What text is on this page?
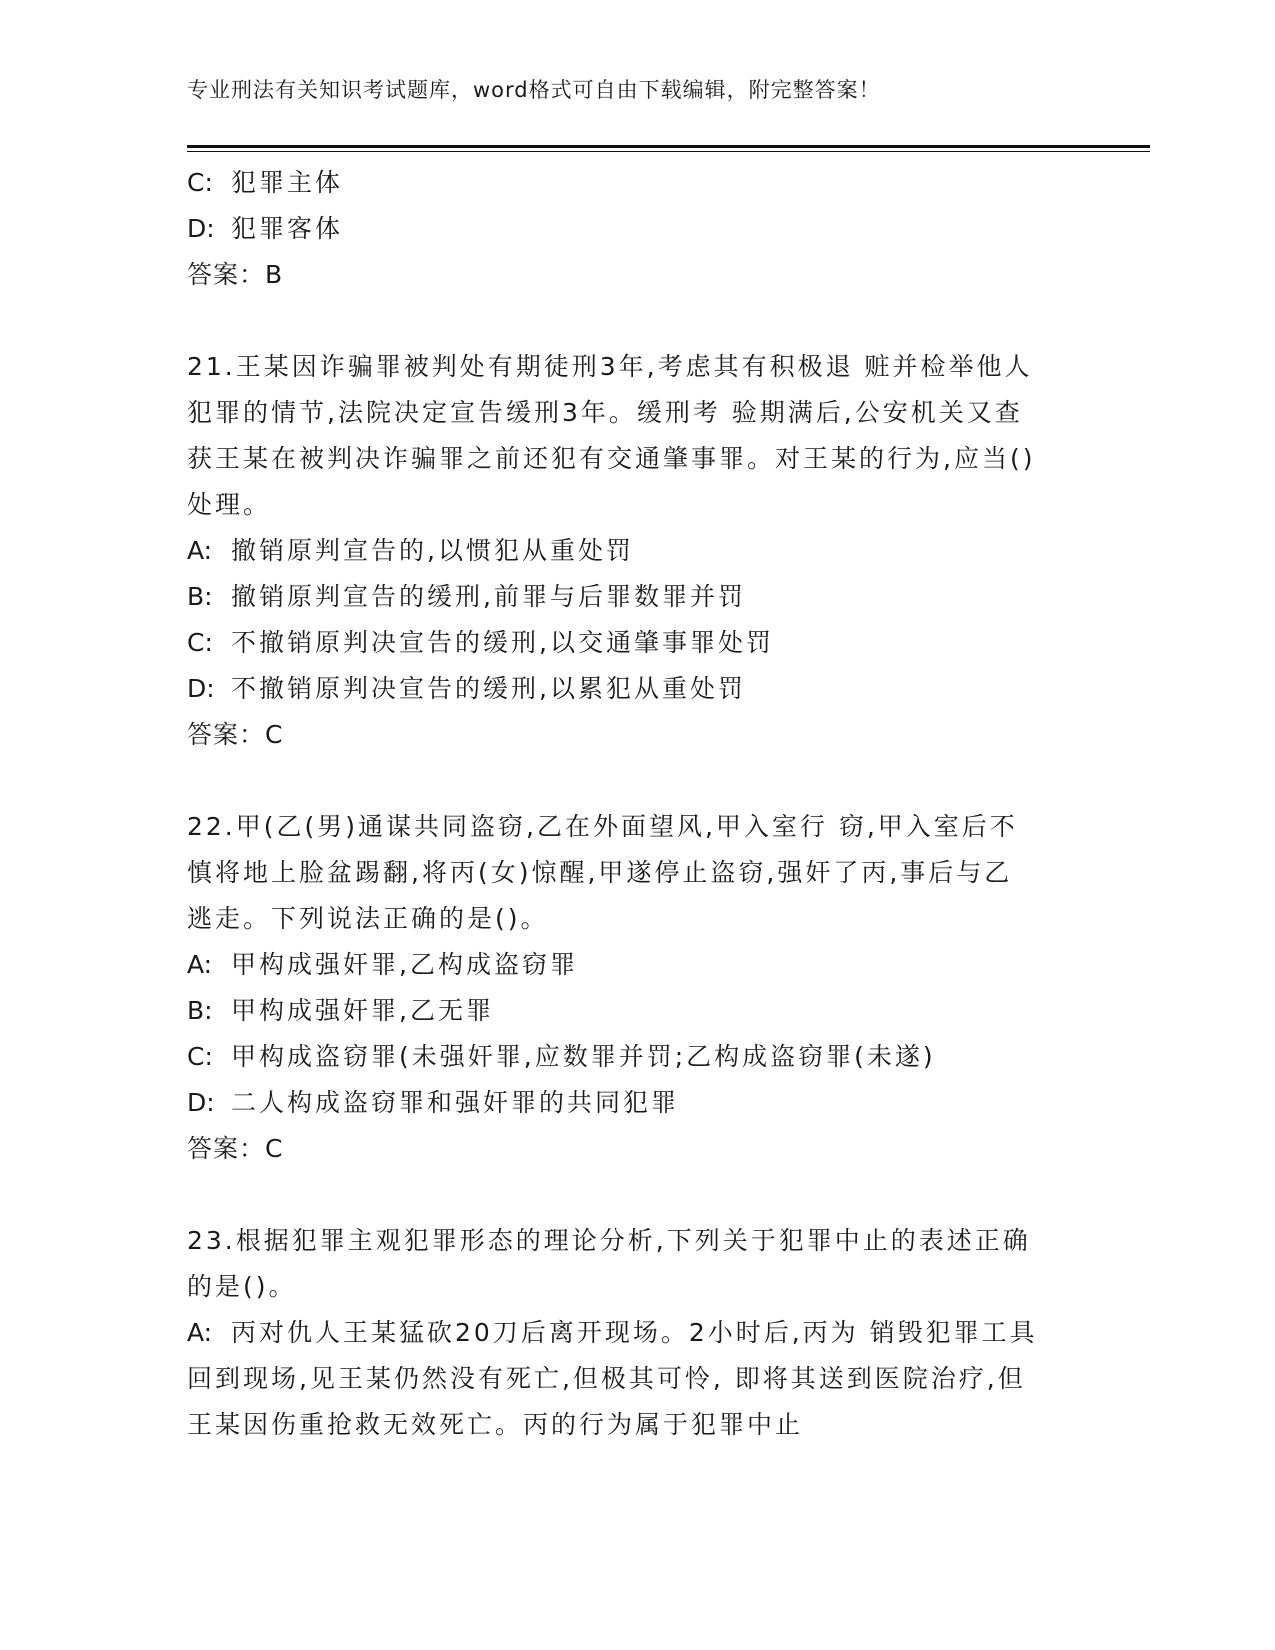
专业刑法有关知识考试题库，word格式可自由下载编辑，附完整答案！
C: 犯罪主体
D: 犯罪客体
答案：B
21.王某因诈骗罪被判处有期徒刑3年,考虑其有积极退 赃并检举他人
犯罪的情节,法院决定宣告缓刑3年。缓刑考 验期满后,公安机关又查
获王某在被判决诈骗罪之前还犯有交通肇事罪。对王某的行为,应当()
处理。
A: 撤销原判宣告的,以惯犯从重处罚
B: 撤销原判宣告的缓刑,前罪与后罪数罪并罚
C: 不撤销原判决宣告的缓刑,以交通肇事罪处罚
D: 不撤销原判决宣告的缓刑,以累犯从重处罚
答案：C
22.甲(乙(男)通谋共同盗窃,乙在外面望风,甲入室行 窃,甲入室后不
慎将地上脸盆踢翻,将丙(女)惊醒,甲遂停止盗窃,强奸了丙,事后与乙
逃走。下列说法正确的是()。
A: 甲构成强奸罪,乙构成盗窃罪
B: 甲构成强奸罪,乙无罪
C: 甲构成盗窃罪(未强奸罪,应数罪并罚;乙构成盗窃罪(未遂)
D: 二人构成盗窃罪和强奸罪的共同犯罪
答案：C
23.根据犯罪主观犯罪形态的理论分析,下列关于犯罪中止的表述正确
的是()。
A: 丙对仇人王某猛砍20刀后离开现场。2小时后,丙为 销毁犯罪工具
回到现场,见王某仍然没有死亡,但极其可怜, 即将其送到医院治疗,但
王某因伤重抢救无效死亡。丙的行为属于犯罪中止
